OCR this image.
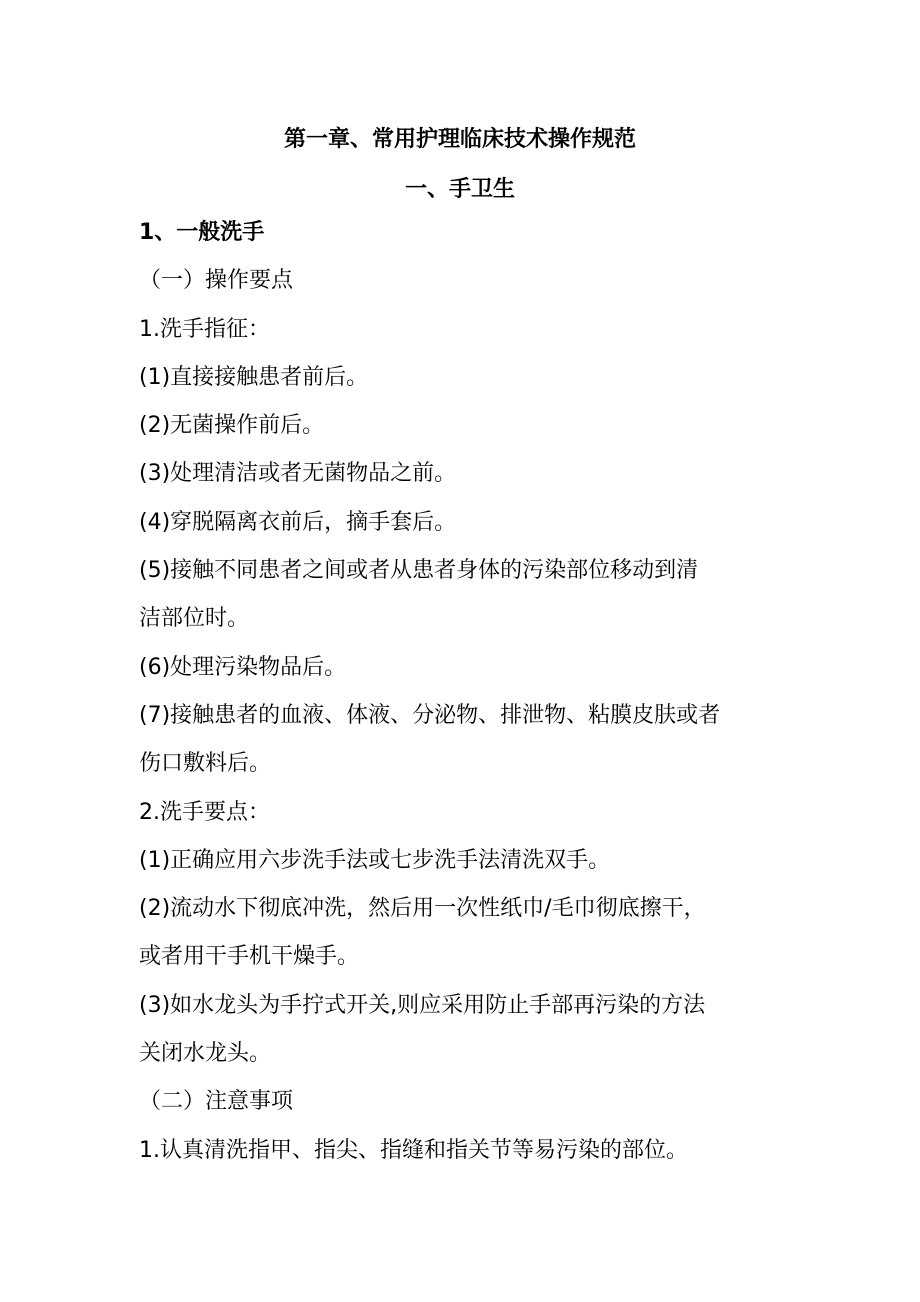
第一章、常用护理临床技术操作规范
一、手卫生
1、一般洗手
（一）操作要点
1.洗手指征：
(1)直接接触患者前后。
(2)无菌操作前后。
(3)处理清洁或者无菌物品之前。
(4)穿脱隔离衣前后，摘手套后。
(5)接触不同患者之间或者从患者身体的污染部位移动到清
洁部位时。
(6)处理污染物品后。
(7)接触患者的血液、体液、分泌物、排泄物、粘膜皮肤或者
伤口敷料后。
2.洗手要点：
(1)正确应用六步洗手法或七步洗手法清洗双手。
(2)流动水下彻底冲洗，然后用一次性纸巾/毛巾彻底擦干，
或者用干手机干燥手。
(3)如水龙头为手拧式开关,则应采用防止手部再污染的方法
关闭水龙头。
（二）注意事项
1.认真清洗指甲、指尖、指缝和指关节等易污染的部位。
